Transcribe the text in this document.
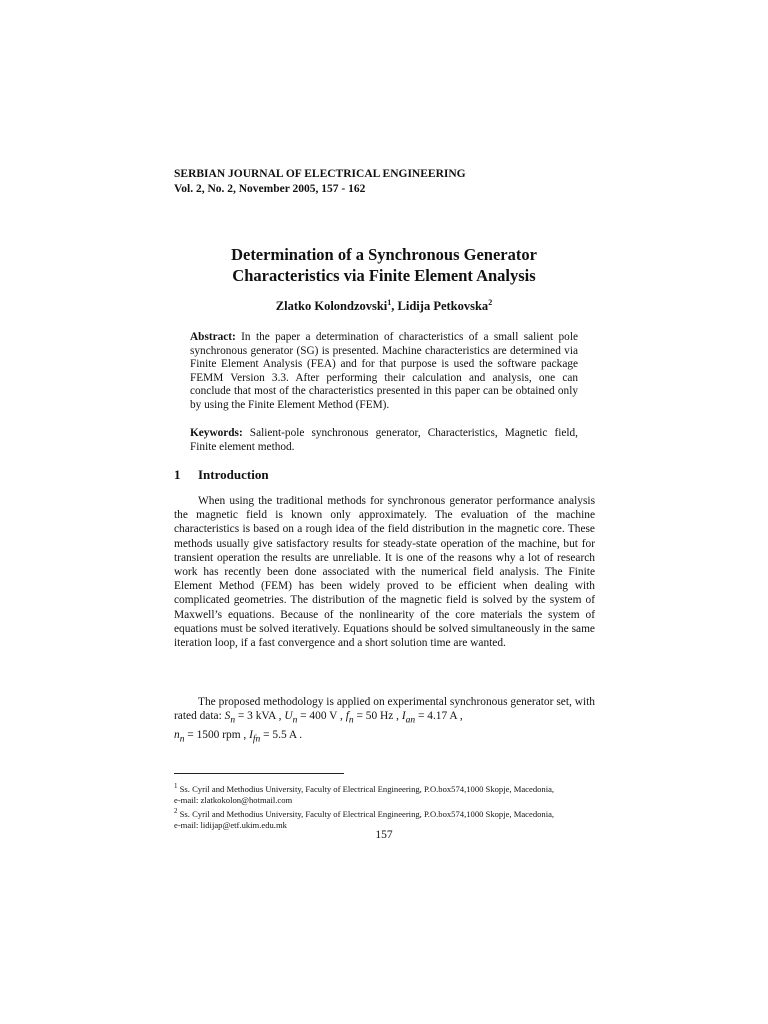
SERBIAN JOURNAL OF ELECTRICAL ENGINEERING
Vol. 2, No. 2, November 2005, 157 - 162
Determination of a Synchronous Generator
Characteristics via Finite Element Analysis
Zlatko Kolondzovski$^1$, Lidija Petkovska$^2$
Abstract: In the paper a determination of characteristics of a small salient pole synchronous generator (SG) is presented. Machine characteristics are determined via Finite Element Analysis (FEA) and for that purpose is used the software package FEMM Version 3.3. After performing their calculation and analysis, one can conclude that most of the characteristics presented in this paper can be obtained only by using the Finite Element Method (FEM).
Keywords: Salient-pole synchronous generator, Characteristics, Magnetic field, Finite element method.
1 Introduction
When using the traditional methods for synchronous generator performance analysis the magnetic field is known only approximately. The evaluation of the machine characteristics is based on a rough idea of the field distribution in the magnetic core. These methods usually give satisfactory results for steady-state operation of the machine, but for transient operation the results are unreliable. It is one of the reasons why a lot of research work has recently been done associated with the numerical field analysis. The Finite Element Method (FEM) has been widely proved to be efficient when dealing with complicated geometries. The distribution of the magnetic field is solved by the system of Maxwell’s equations. Because of the nonlinearity of the core materials the system of equations must be solved iteratively. Equations should be solved simultaneously in the same iteration loop, if a fast convergence and a short solution time are wanted.
The proposed methodology is applied on experimental synchronous generator set, with rated data: $S_n = 3$ kVA , $U_n = 400$ V , $f_n = 50$ Hz , $I_{an} = 4.17$ A ,
$n_n = 1500$ rpm , $I_{fn} = 5.5$ A .
$^1$ Ss. Cyril and Methodius University, Faculty of Electrical Engineering, P.O.box574,1000 Skopje, Macedonia,
e-mail: zlatkokolon@hotmail.com
$^2$ Ss. Cyril and Methodius University, Faculty of Electrical Engineering, P.O.box574,1000 Skopje, Macedonia,
e-mail: lidijap@etf.ukim.edu.mk
157
